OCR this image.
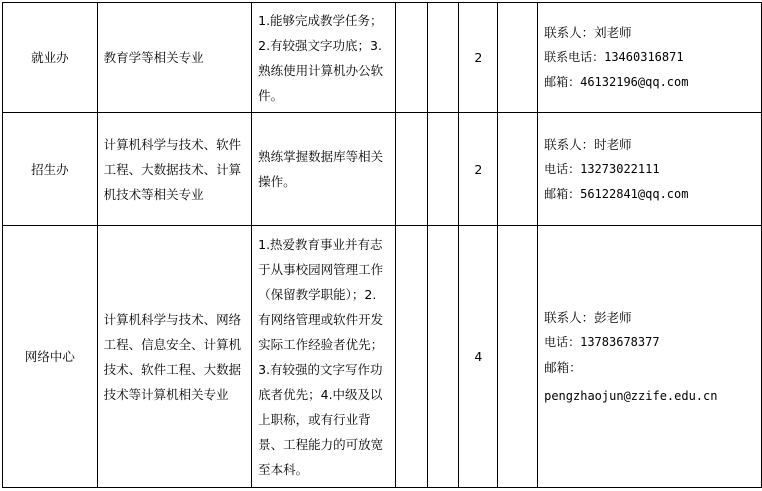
就业办	教育学等相关专业	1.能够完成教学任务；2.有较强文字功底；3.熟练使用计算机办公软件。			2		联系人：刘老师
联系电话：13460316871
邮箱：46132196@qq.com

招生办	计算机科学与技术、软件工程、大数据技术、计算机技术等相关专业	熟练掌握数据库等相关操作。			2		联系人：时老师
电话：13273022111
邮箱：56122841@qq.com

网络中心	计算机科学与技术、网络工程、信息安全、计算机技术、软件工程、大数据技术等计算机相关专业	1.热爱教育事业并有志于从事校园网管理工作（保留教学职能）；2.有网络管理或软件开发实际工作经验者优先；3.有较强的文字写作功底者优先；4.中级及以上职称，或有行业背景、工程能力的可放宽至本科。			4		联系人：彭老师
电话：13783678377
邮箱：
pengzhaojun@zzife.edu.cn
